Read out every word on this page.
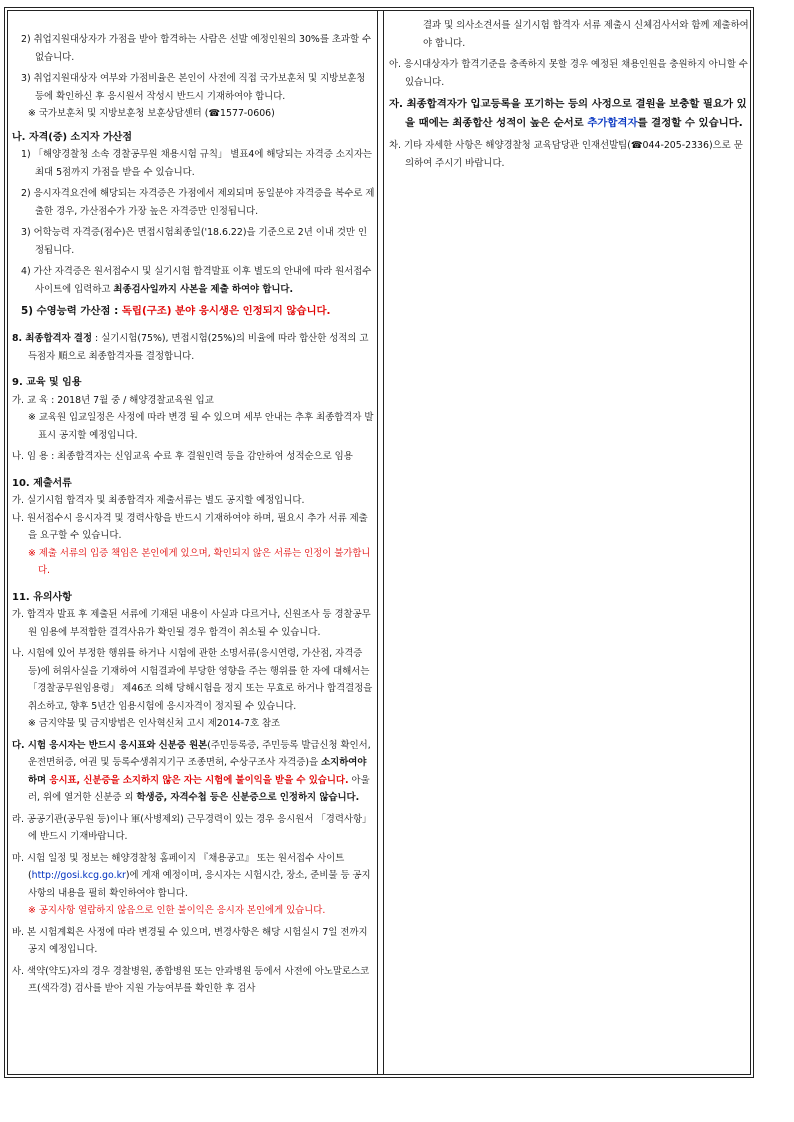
2) 취업지원대상자가 가점을 받아 합격하는 사람은 선발 예정인원의 30%를 초과할 수 없습니다.

3) 취업지원대상자 여부와 가점비율은 본인이 사전에 직접 국가보훈처 및 지방보훈청 등에 확인하신 후 응시원서 작성시 반드시 기재하여야 합니다.

※ 국가보훈처 및 지방보훈청 보훈상담센터 (☎1577-0606)

나. 자격(증) 소지자 가산점

1) 「해양경찰청 소속 경찰공무원 채용시험 규칙」 별표4에 해당되는 자격증 소지자는 최대 5점까지 가점을 받을 수 있습니다.

2) 응시자격요건에 해당되는 자격증은 가점에서 제외되며 동일분야 자격증을 복수로 제출한 경우, 가산점수가 가장 높은 자격증만 인정됩니다.

3) 어학능력 자격증(점수)은 면접시험최종일('18.6.22)을 기준으로 2년 이내 것만 인정됩니다.

4) 가산 자격증은 원서접수시 및 실기시험 합격발표 이후 별도의 안내에 따라 원서접수사이트에 입력하고 최종검사일까지 사본을 제출 하여야 합니다.

5) 수영능력 가산점 : 독립(구조) 분야 응시생은 인정되지 않습니다.

8. 최종합격자 결정 : 실기시험(75%), 면접시험(25%)의 비율에 따라 합산한 성적의 고득점자 順으로 최종합격자를 결정합니다.

9. 교육 및 임용

가. 교 육 : 2018년 7월 중 / 해양경찰교육원 입교

※ 교육원 입교일정은 사정에 따라 변경 될 수 있으며 세부 안내는 추후 최종합격자 발표시 공지할 예정입니다.

나. 임 용 : 최종합격자는 신임교육 수료 후 결원인력 등을 감안하여 성적순으로 임용

10. 제출서류

가. 실기시험 합격자 및 최종합격자 제출서류는 별도 공지할 예정입니다.

나. 원서접수시 응시자격 및 경력사항을 반드시 기재하여야 하며, 필요시 추가 서류 제출을 요구할 수 있습니다.

※ 제출 서류의 입증 책임은 본인에게 있으며, 확인되지 않은 서류는 인정이 불가합니다.

11. 유의사항

가. 합격자 발표 후 제출된 서류에 기재된 내용이 사실과 다르거나, 신원조사 등 경찰공무원 임용에 부적합한 결격사유가 확인될 경우 합격이 취소될 수 있습니다.

나. 시험에 있어 부정한 행위를 하거나 시험에 관한 소명서류(응시연령, 가산점, 자격증 등)에 허위사실을 기재하여 시험결과에 부당한 영향을 주는 행위를 한 자에 대해서는 「경찰공무원임용령」 제46조 의해 당해시험을 정지 또는 무효로 하거나 합격결정을 취소하고, 향후 5년간 임용시험에 응시자격이 정지될 수 있습니다.

※ 금지약물 및 금지방법은 인사혁신처 고시 제2014-7호 참조

다. 시험 응시자는 반드시 응시표와 신분증 원본(주민등록증, 주민등록 발급신청 확인서, 운전면허증, 여권 및 등록수생취지기구 조종면허, 수상구조사 자격증)을 소지하여야 하며 응시표, 신분증을 소지하지 않은 자는 시험에 불이익을 받을 수 있습니다. 아울러, 위에 열거한 신분증 외 학생증, 자격수첩 등은 신분증으로 인정하지 않습니다.

라. 공공기관(공무원 등)이나 軍(사병제외) 근무경력이 있는 경우 응시원서 「경력사항」에 반드시 기재바랍니다.

마. 시험 일정 및 정보는 해양경찰청 홈페이지 『채용공고』 또는 원서접수 사이트(http://gosi.kcg.go.kr)에 게재 예정이며, 응시자는 시험시간, 장소, 준비물 등 공지사항의 내용을 필히 확인하여야 합니다.

※ 공지사항 열람하지 않음으로 인한 불이익은 응시자 본인에게 있습니다.

바. 본 시험계획은 사정에 따라 변경될 수 있으며, 변경사항은 해당 시험실시 7일 전까지 공지 예정입니다.

사. 색약(약도)자의 경우 경찰병원, 종합병원 또는 안과병원 등에서 사전에 아노말로스코프(색각경) 검사를 받아 지원 가능여부를 확인한 후 검사

결과 및 의사소견서를 실기시험 합격자 서류 제출시 신체검사서와 함께 제출하여야 합니다.

아. 응시대상자가 합격기준을 충족하지 못할 경우 예정된 채용인원을 충원하지 아니할 수 있습니다.

자. 최종합격자가 입교등록을 포기하는 등의 사정으로 결원을 보충할 필요가 있을 때에는 최종합산 성적이 높은 순서로 추가합격자를 결정할 수 있습니다.

차. 기타 자세한 사항은 해양경찰청 교육담당관 인재선발팀(☎044-205-2336)으로 문의하여 주시기 바랍니다.
